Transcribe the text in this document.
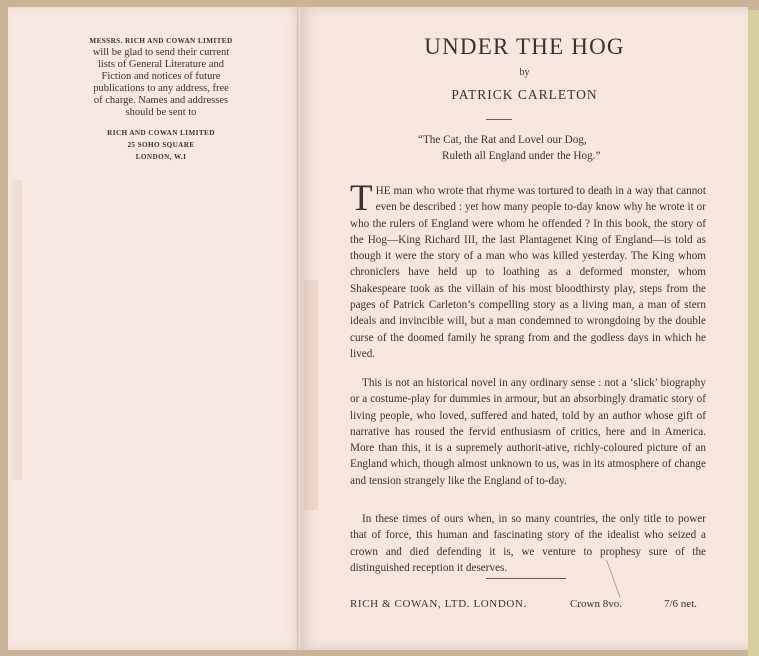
MESSRS. RICH AND COWAN LIMITED
will be glad to send their current
lists of General Literature and
Fiction and notices of future
publications to any address, free
of charge. Names and addresses
should be sent to
RICH AND COWAN LIMITED
25 SOHO SQUARE
LONDON, W.I
UNDER THE HOG
by
PATRICK CARLETON
“The Cat, the Rat and Lovel our Dog,
Ruleth all England under the Hog.”
THE man who wrote that rhyme was tortured to death in a way that cannot even be described : yet how many people to-day know why he wrote it or who the rulers of England were whom he offended ? In this book, the story of the Hog—King Richard III, the last Plantagenet King of England—is told as though it were the story of a man who was killed yesterday. The King whom chroniclers have held up to loathing as a deformed monster, whom Shakespeare took as the villain of his most bloodthirsty play, steps from the pages of Patrick Carleton’s compelling story as a living man, a man of stern ideals and invincible will, but a man condemned to wrongdoing by the double curse of the doomed family he sprang from and the godless days in which he lived.
This is not an historical novel in any ordinary sense : not a ‘slick’ biography or a costume-play for dummies in armour, but an absorbingly dramatic story of living people, who loved, suffered and hated, told by an author whose gift of narrative has roused the fervid enthusiasm of critics, here and in America. More than this, it is a supremely authorit-ative, richly-coloured picture of an England which, though almost unknown to us, was in its atmosphere of change and tension strangely like the England of to-day.
In these times of ours when, in so many countries, the only title to power that of force, this human and fascinating story of the idealist who seized a crown and died defending it is, we venture to prophesy sure of the distinguished reception it deserves.
RICH & COWAN, LTD. LONDON.	Crown 8vo.	7/6 net.
